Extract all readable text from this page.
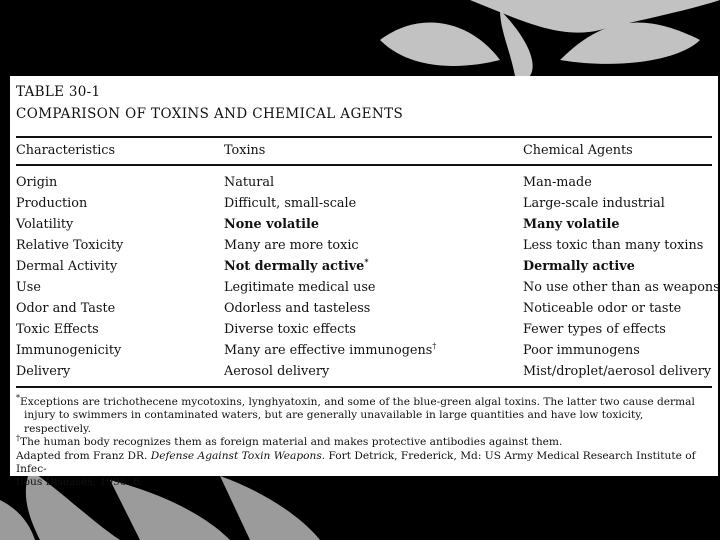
TABLE 30-1
COMPARISON OF TOXINS AND CHEMICAL AGENTS
Characteristics	Toxins	Chemical Agents
Origin	Natural	Man-made
Production	Difficult, small-scale	Large-scale industrial
Volatility	None volatile	Many volatile
Relative Toxicity	Many are more toxic	Less toxic than many toxins
Dermal Activity	Not dermally active*	Dermally active
Use	Legitimate medical use	No use other than as weapons
Odor and Taste	Odorless and tasteless	Noticeable odor or taste
Toxic Effects	Diverse toxic effects	Fewer types of effects
Immunogenicity	Many are effective immunogens†	Poor immunogens
Delivery	Aerosol delivery	Mist/droplet/aerosol delivery

*Exceptions are trichothecene mycotoxins, lynghyatoxin, and some of the blue-green algal toxins. The latter two cause dermal

injury to swimmers in contaminated waters, but are generally unavailable in large quantities and have low toxicity, respectively.

†The human body recognizes them as foreign material and makes protective antibodies against them.

Adapted from Franz DR. Defense Against Toxin Weapons. Fort Detrick, Frederick, Md: US Army Medical Research Institute of Infec-

tious Diseases; 1996: 6.
